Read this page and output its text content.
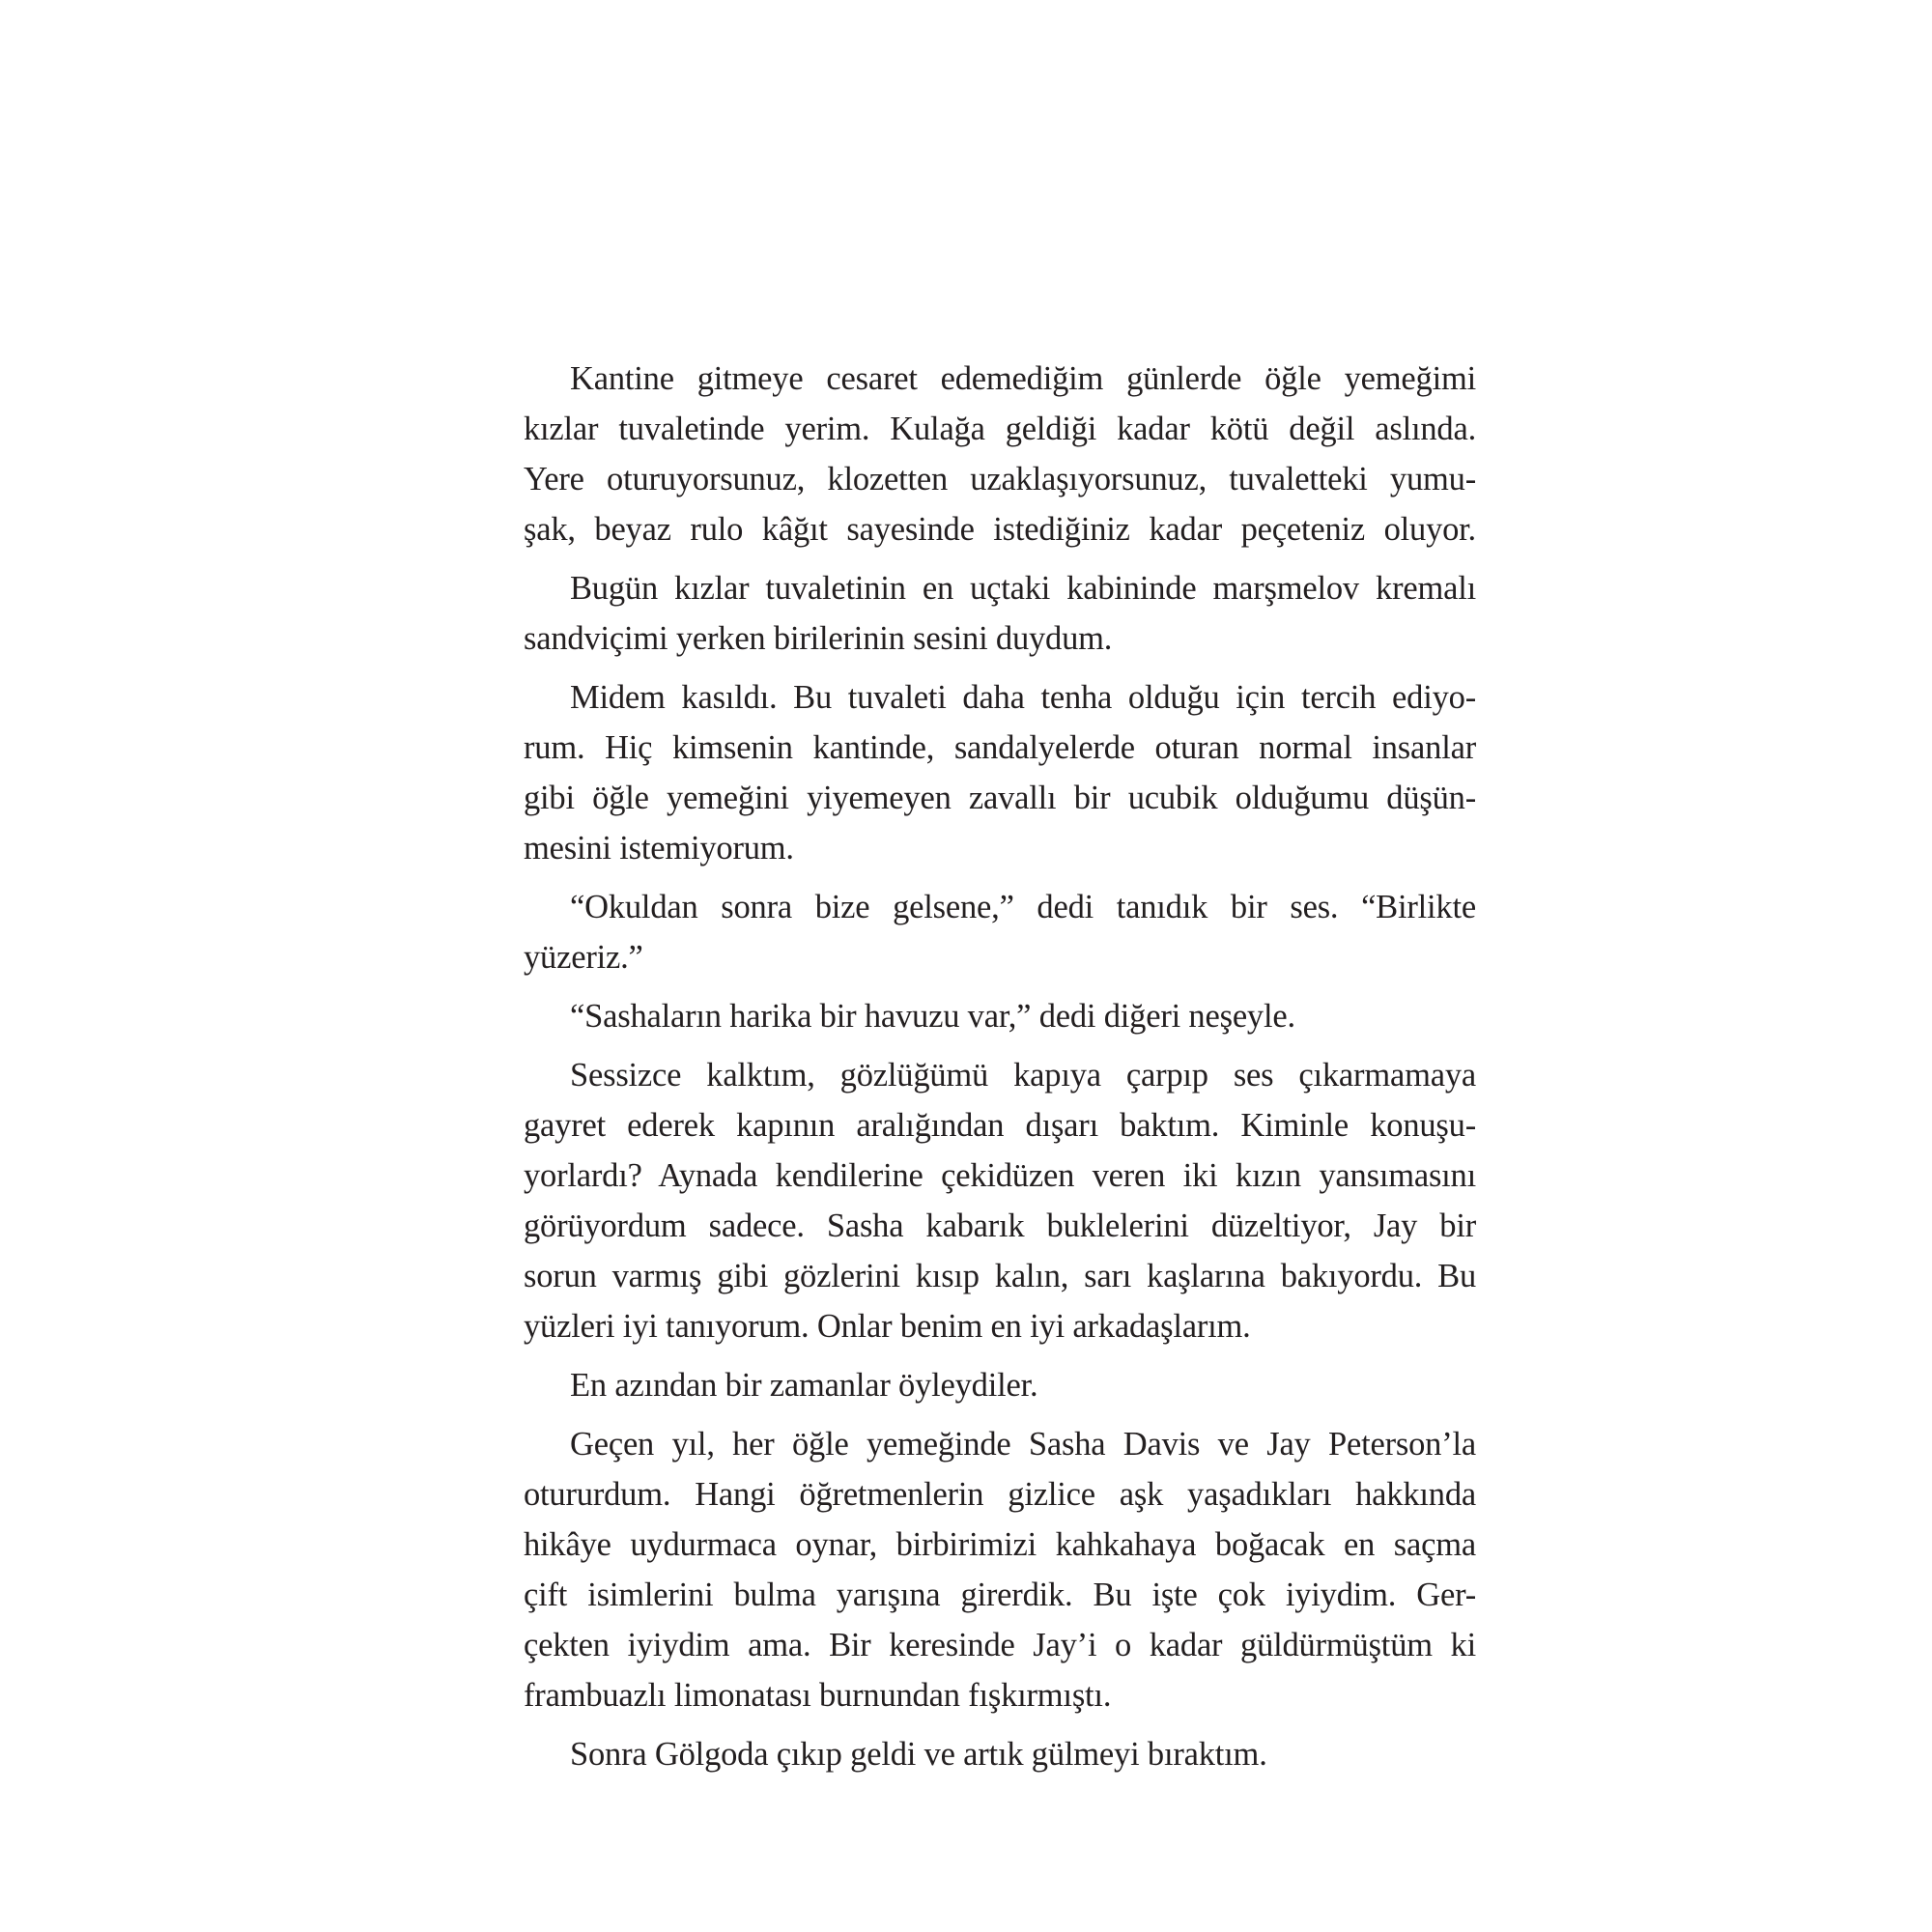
Kantine gitmeye cesaret edemediğim günlerde öğle yemeğimi
kızlar tuvaletinde yerim. Kulağa geldiği kadar kötü değil aslında.
Yere oturuyorsunuz, klozetten uzaklaşıyorsunuz, tuvaletteki yumu-
şak, beyaz rulo kâğıt sayesinde istediğiniz kadar peçeteniz oluyor.

Bugün kızlar tuvaletinin en uçtaki kabininde marşmelov kremalı
sandviçimi yerken birilerinin sesini duydum.

Midem kasıldı. Bu tuvaleti daha tenha olduğu için tercih ediyo-
rum. Hiç kimsenin kantinde, sandalyelerde oturan normal insanlar
gibi öğle yemeğini yiyemeyen zavallı bir ucubik olduğumu düşün-
mesini istemiyorum.

“Okuldan sonra bize gelsene,” dedi tanıdık bir ses. “Birlikte
yüzeriz.”

“Sashaların harika bir havuzu var,” dedi diğeri neşeyle.

Sessizce kalktım, gözlüğümü kapıya çarpıp ses çıkarmamaya
gayret ederek kapının aralığından dışarı baktım. Kiminle konuşu-
yorlardı? Aynada kendilerine çekidüzen veren iki kızın yansımasını
görüyordum sadece. Sasha kabarık buklelerini düzeltiyor, Jay bir
sorun varmış gibi gözlerini kısıp kalın, sarı kaşlarına bakıyordu. Bu
yüzleri iyi tanıyorum. Onlar benim en iyi arkadaşlarım.

En azından bir zamanlar öyleydiler.

Geçen yıl, her öğle yemeğinde Sasha Davis ve Jay Peterson’la
otururdum. Hangi öğretmenlerin gizlice aşk yaşadıkları hakkında
hikâye uydurmaca oynar, birbirimizi kahkahaya boğacak en saçma
çift isimlerini bulma yarışına girerdik. Bu işte çok iyiydim. Ger-
çekten iyiydim ama. Bir keresinde Jay’i o kadar güldürmüştüm ki
frambuazlı limonatası burnundan fışkırmıştı.

Sonra Gölgoda çıkıp geldi ve artık gülmeyi bıraktım.
